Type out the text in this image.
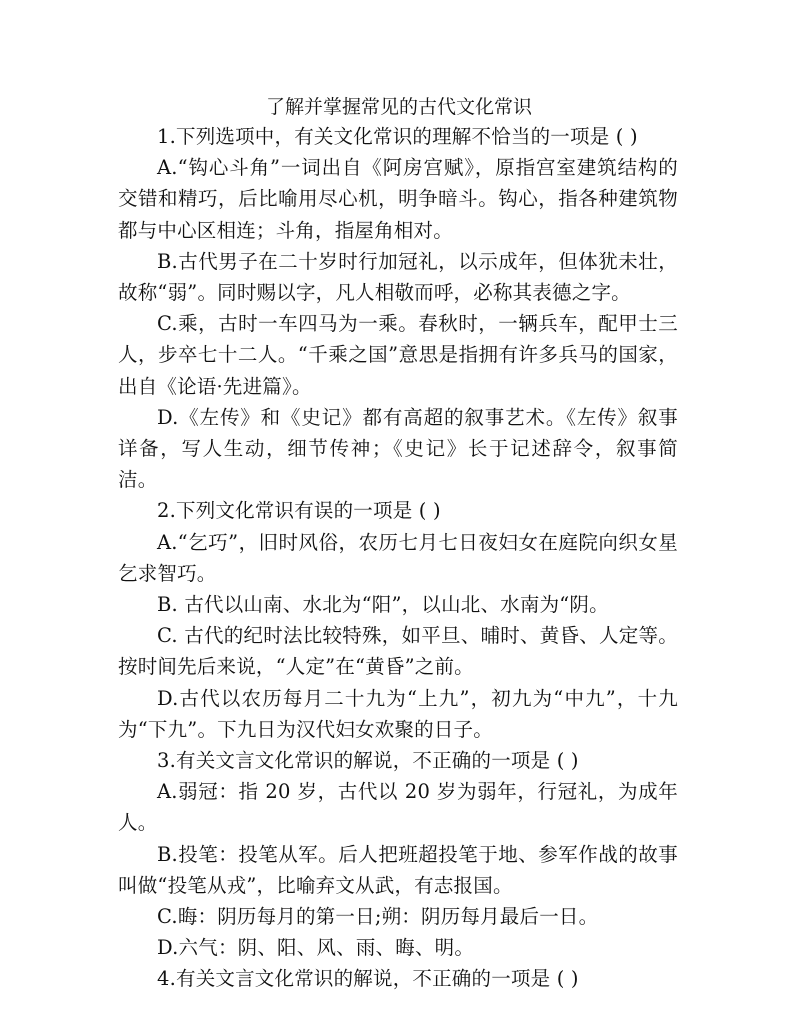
了解并掌握常见的古代文化常识

1.下列选项中，有关文化常识的理解不恰当的一项是 ( )

A.“钩心斗角”一词出自《阿房宫赋》，原指宫室建筑结构的交错和精巧，后比喻用尽心机，明争暗斗。钩心，指各种建筑物都与中心区相连；斗角，指屋角相对。

B.古代男子在二十岁时行加冠礼，以示成年，但体犹未壮，故称“弱”。同时赐以字，凡人相敬而呼，必称其表德之字。

C.乘，古时一车四马为一乘。春秋时，一辆兵车，配甲士三人，步卒七十二人。“千乘之国”意思是指拥有许多兵马的国家，出自《论语·先进篇》。

D.《左传》和《史记》都有高超的叙事艺术。《左传》叙事详备，写人生动，细节传神；《史记》长于记述辞令，叙事简洁。

2.下列文化常识有误的一项是 ( )

A.“乞巧”，旧时风俗，农历七月七日夜妇女在庭院向织女星乞求智巧。

B. 古代以山南、水北为“阳”，以山北、水南为“阴。

C. 古代的纪时法比较特殊，如平旦、晡时、黄昏、人定等。按时间先后来说，“人定”在“黄昏”之前。

D.古代以农历每月二十九为“上九”，初九为“中九”，十九为“下九”。下九日为汉代妇女欢聚的日子。

3.有关文言文化常识的解说，不正确的一项是 ( )

A.弱冠：指 20 岁，古代以 20 岁为弱年，行冠礼，为成年人。

B.投笔：投笔从军。后人把班超投笔于地、参军作战的故事叫做“投笔从戎”，比喻弃文从武，有志报国。

C.晦：阴历每月的第一日;朔：阴历每月最后一日。

D.六气：阴、阳、风、雨、晦、明。

4.有关文言文化常识的解说，不正确的一项是 ( )
